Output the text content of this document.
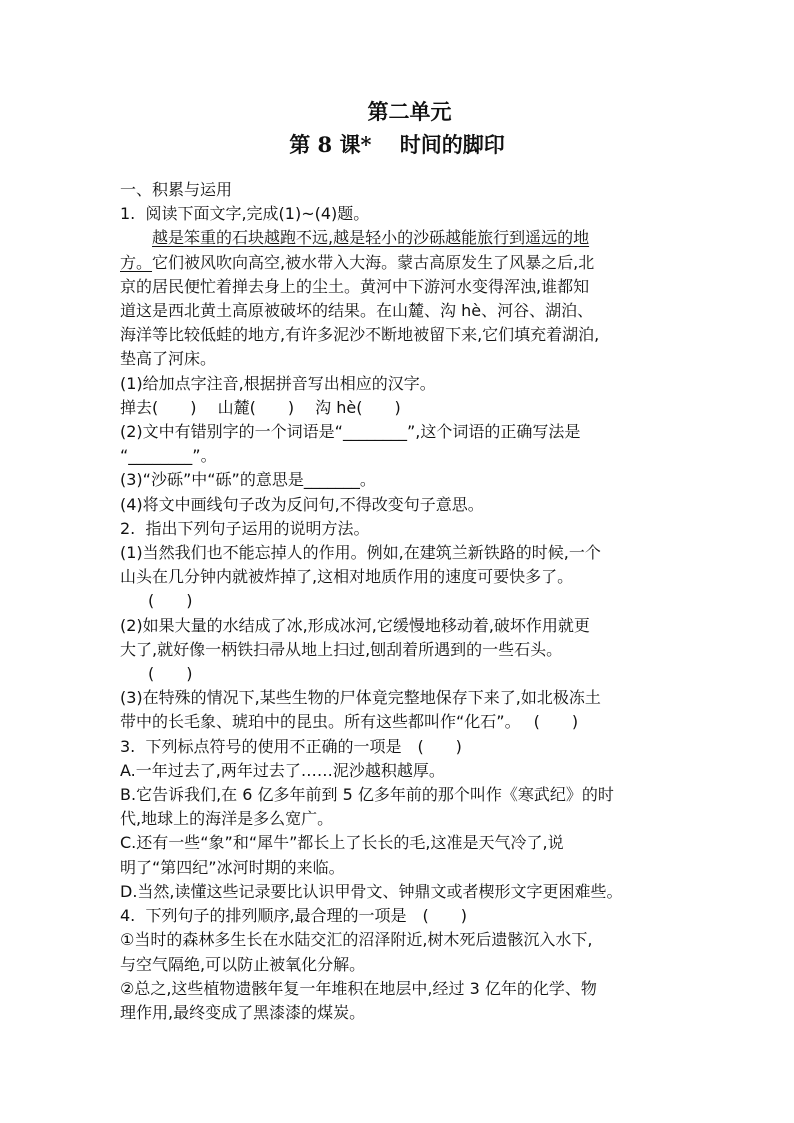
第二单元
第 8 课*　 时间的脚印

一、积累与运用

1.  阅读下面文字,完成(1)~(4)题。

越是笨重的石块越跑不远,越是轻小的沙砾越能旅行到遥远的地

方。它们被风吹向高空,被水带入大海。蒙古高原发生了风暴之后,北

京的居民便忙着掸去身上的尘土。黄河中下游河水变得浑浊,谁都知

道这是西北黄土高原被破坏的结果。在山麓、沟 hè、河谷、湖泊、

海洋等比较低蛙的地方,有许多泥沙不断地被留下来,它们填充着湖泊,

垫高了河床。

(1)给加点字注音,根据拼音写出相应的汉字。

掸去(　　)　 山麓(　　)　 沟 hè(　　)

(2)文中有错别字的一个词语是“________”,这个词语的正确写法是

“________”。

(3)“沙砾”中“砾”的意思是_______。

(4)将文中画线句子改为反问句,不得改变句子意思。

2.  指出下列句子运用的说明方法。

(1)当然我们也不能忘掉人的作用。例如,在建筑兰新铁路的时候,一个

山头在几分钟内就被炸掉了,这相对地质作用的速度可要快多了。

(　　)

(2)如果大量的水结成了冰,形成冰河,它缓慢地移动着,破坏作用就更

大了,就好像一柄铁扫帚从地上扫过,刨刮着所遇到的一些石头。

(　　)

(3)在特殊的情况下,某些生物的尸体竟完整地保存下来了,如北极冻土

带中的长毛象、琥珀中的昆虫。所有这些都叫作“化石”。　 (　　)

3.  下列标点符号的使用不正确的一项是　(　　)

A.一年过去了,两年过去了……泥沙越积越厚。

B.它告诉我们,在 6 亿多年前到 5 亿多年前的那个叫作《寒武纪》的时

代,地球上的海洋是多么宽广。

C.还有一些“象”和“犀牛”都长上了长长的毛,这准是天气冷了,说

明了“第四纪”冰河时期的来临。

D.当然,读懂这些记录要比认识甲骨文、钟鼎文或者楔形文字更困难些。

4.  下列句子的排列顺序,最合理的一项是　(　　)

①当时的森林多生长在水陆交汇的沼泽附近,树木死后遗骸沉入水下,

与空气隔绝,可以防止被氧化分解。

②总之,这些植物遗骸年复一年堆积在地层中,经过 3 亿年的化学、物

理作用,最终变成了黑漆漆的煤炭。
